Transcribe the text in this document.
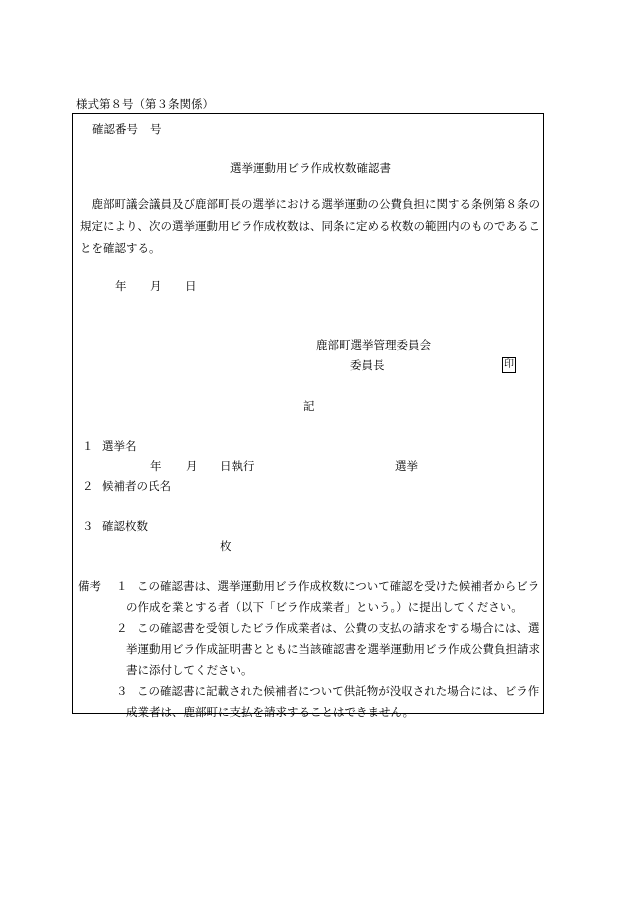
様式第８号（第３条関係）
確認番号 号
選挙運動用ビラ作成枚数確認書
鹿部町議会議員及び鹿部町長の選挙における選挙運動の公費負担に関する条例第８条の規定により、次の選挙運動用ビラ作成枚数は、同条に定める枚数の範囲内のものであることを確認する。
年 月 日
鹿部町選挙管理委員会
委員長	印
記
１ 選挙名
年 月 日執行	選挙
２ 候補者の氏名
３ 確認枚数
枚
備考 １ この確認書は、選挙運動用ビラ作成枚数について確認を受けた候補者からビラの作成を業とする者（以下「ビラ作成業者」という。）に提出してください。
２ この確認書を受領したビラ作成業者は、公費の支払の請求をする場合には、選挙運動用ビラ作成証明書とともに当該確認書を選挙運動用ビラ作成公費負担請求書に添付してください。
３ この確認書に記載された候補者について供託物が没収された場合には、ビラ作成業者は、鹿部町に支払を請求することはできません。
